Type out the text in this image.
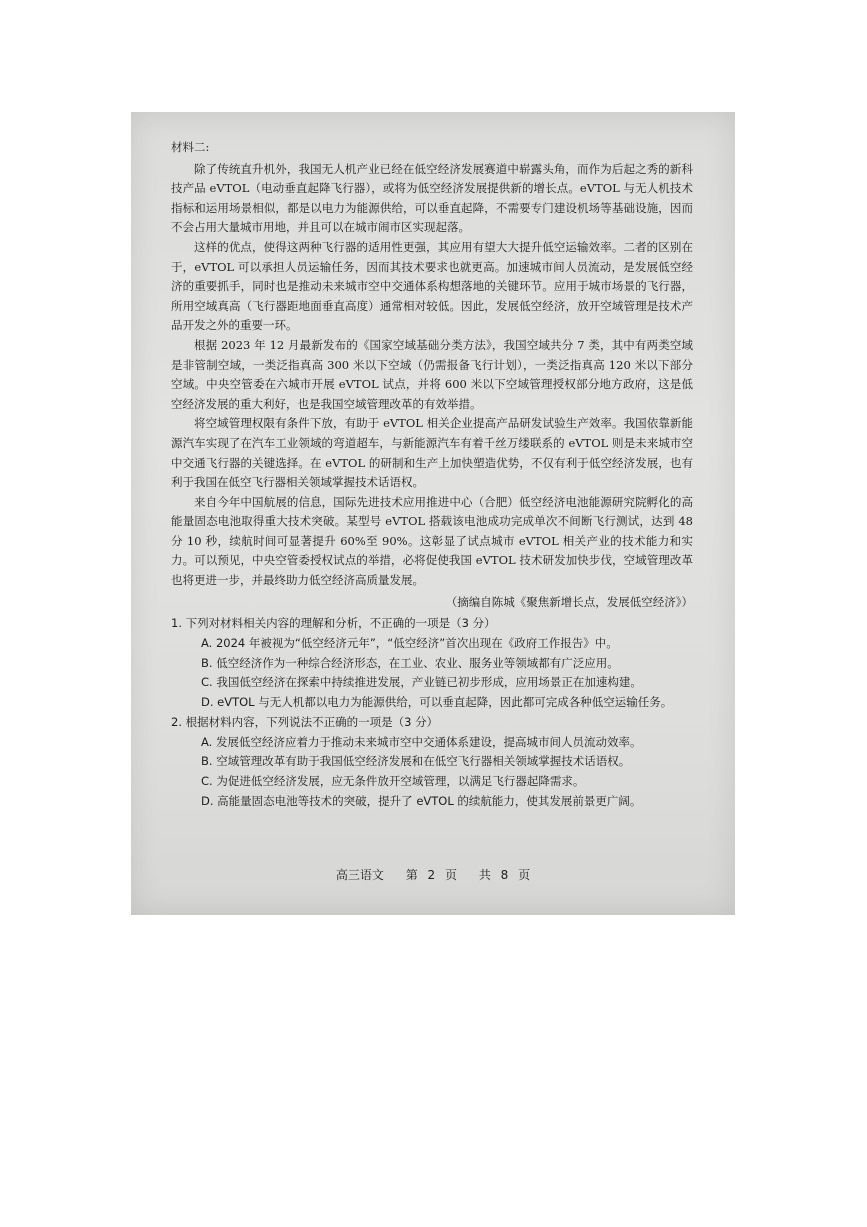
材料二:

除了传统直升机外，我国无人机产业已经在低空经济发展赛道中崭露头角，而作为后起之秀的新科技产品 eVTOL（电动垂直起降飞行器），或将为低空经济发展提供新的增长点。eVTOL 与无人机技术指标和运用场景相似，都是以电力为能源供给，可以垂直起降，不需要专门建设机场等基础设施，因而不会占用大量城市用地，并且可以在城市闹市区实现起落。

这样的优点，使得这两种飞行器的适用性更强，其应用有望大大提升低空运输效率。二者的区别在于，eVTOL 可以承担人员运输任务，因而其技术要求也就更高。加速城市间人员流动，是发展低空经济的重要抓手，同时也是推动未来城市空中交通体系构想落地的关键环节。应用于城市场景的飞行器，所用空域真高（飞行器距地面垂直高度）通常相对较低。因此，发展低空经济，放开空域管理是技术产品开发之外的重要一环。

根据 2023 年 12 月最新发布的《国家空域基础分类方法》，我国空域共分 7 类，其中有两类空域是非管制空域，一类泛指真高 300 米以下空域（仍需报备飞行计划），一类泛指真高 120 米以下部分空域。中央空管委在六城市开展 eVTOL 试点，并将 600 米以下空域管理授权部分地方政府，这是低空经济发展的重大利好，也是我国空域管理改革的有效举措。

将空域管理权限有条件下放，有助于 eVTOL 相关企业提高产品研发试验生产效率。我国依靠新能源汽车实现了在汽车工业领域的弯道超车，与新能源汽车有着千丝万缕联系的 eVTOL 则是未来城市空中交通飞行器的关键选择。在 eVTOL 的研制和生产上加快塑造优势，不仅有利于低空经济发展，也有利于我国在低空飞行器相关领域掌握技术话语权。

来自今年中国航展的信息，国际先进技术应用推进中心（合肥）低空经济电池能源研究院孵化的高能量固态电池取得重大技术突破。某型号 eVTOL 搭载该电池成功完成单次不间断飞行测试，达到 48 分 10 秒，续航时间可显著提升 60%至 90%。这彰显了试点城市 eVTOL 相关产业的技术能力和实力。可以预见，中央空管委授权试点的举措，必将促使我国 eVTOL 技术研发加快步伐，空域管理改革也将更进一步，并最终助力低空经济高质量发展。

（摘编自陈城《聚焦新增长点，发展低空经济》）

1. 下列对材料相关内容的理解和分析，不正确的一项是（3 分）

A. 2024 年被视为“低空经济元年”，“低空经济”首次出现在《政府工作报告》中。

B. 低空经济作为一种综合经济形态，在工业、农业、服务业等领域都有广泛应用。

C. 我国低空经济在探索中持续推进发展，产业链已初步形成，应用场景正在加速构建。

D. eVTOL 与无人机都以电力为能源供给，可以垂直起降，因此都可完成各种低空运输任务。

2. 根据材料内容，下列说法不正确的一项是（3 分）

A. 发展低空经济应着力于推动未来城市空中交通体系建设，提高城市间人员流动效率。

B. 空域管理改革有助于我国低空经济发展和在低空飞行器相关领域掌握技术话语权。

C. 为促进低空经济发展，应无条件放开空域管理，以满足飞行器起降需求。

D. 高能量固态电池等技术的突破，提升了 eVTOL 的续航能力，使其发展前景更广阔。

高三语文 第 2 页 共 8 页
